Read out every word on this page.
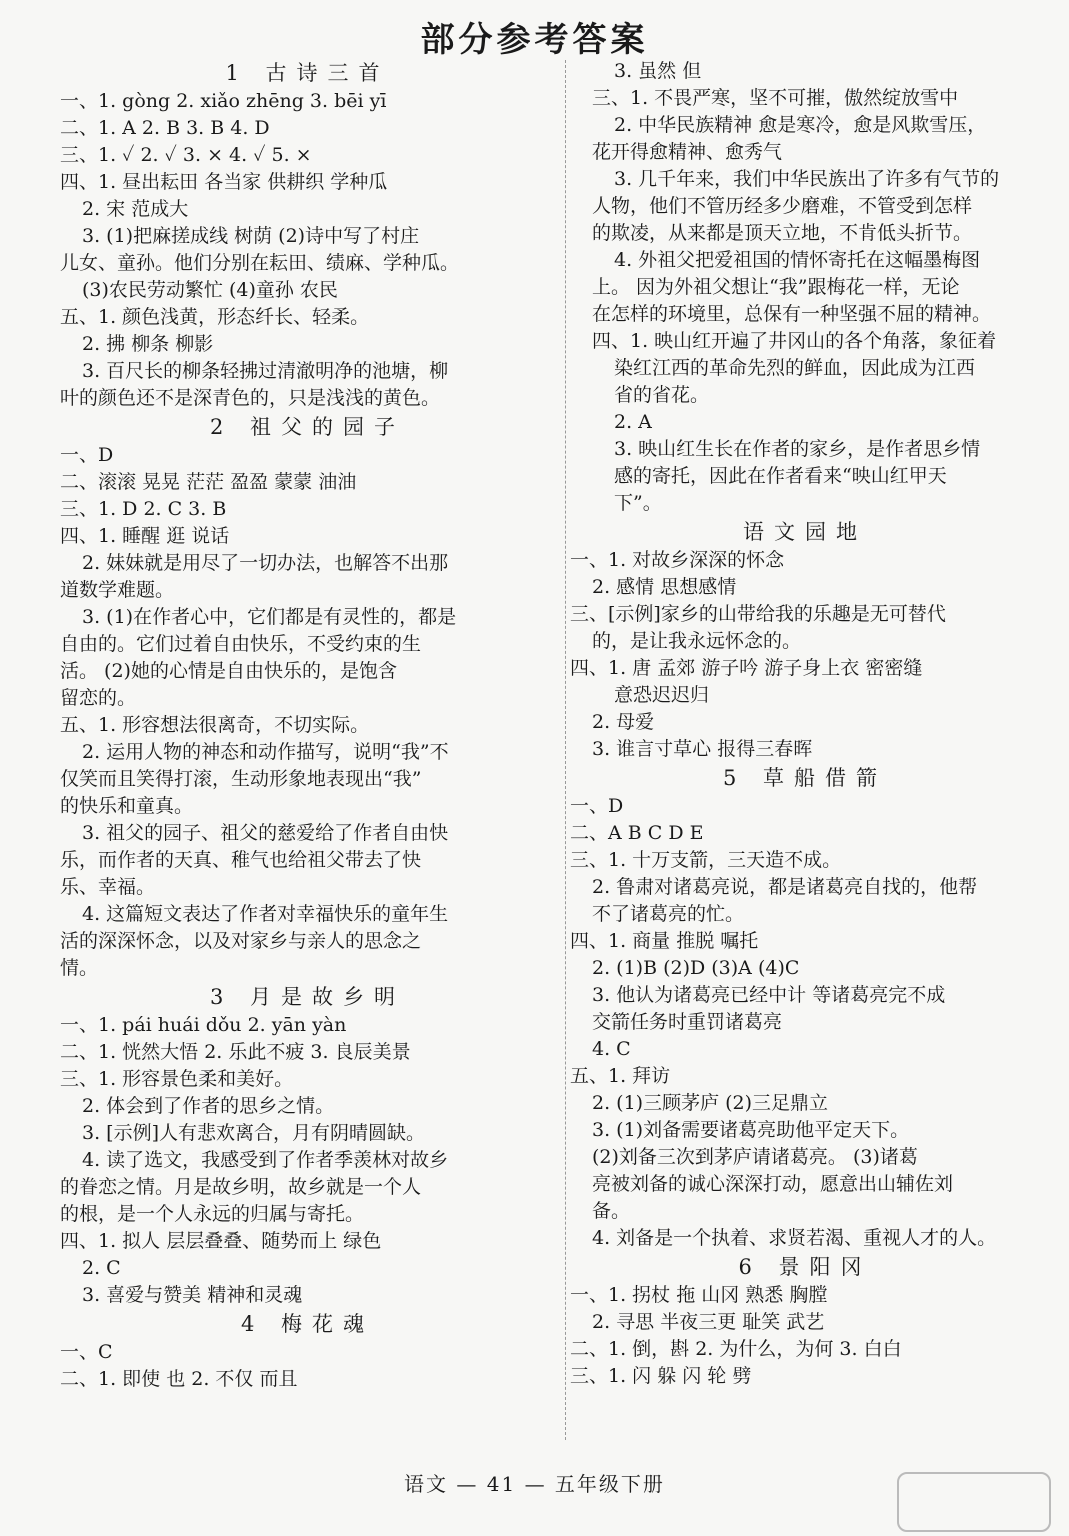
部分参考答案
1 古诗三首
一、1. gòng 2. xiǎo zhēng 3. bēi yī
二、1. A 2. B 3. B 4. D
三、1. ✓ 2. ✓ 3. × 4. ✓ 5. ×
四、1. 昼出耘田 各当家 供耕织 学种瓜
2. 宋 范成大
3. (1)把麻搓成线 树荫 (2)诗中写了村庄
儿女、童孙。他们分别在耘田、绩麻、学种瓜。
(3)农民劳动繁忙 (4)童孙 农民
五、1. 颜色浅黄，形态纤长、轻柔。
2. 拂 柳条 柳影
3. 百尺长的柳条轻拂过清澈明净的池塘，柳
叶的颜色还不是深青色的，只是浅浅的黄色。
2 祖父的园子
一、D
二、滚滚 晃晃 茫茫 盈盈 蒙蒙 油油
三、1. D 2. C 3. B
四、1. 睡醒 逛 说话
2. 妹妹就是用尽了一切办法，也解答不出那
道数学难题。
3. (1)在作者心中，它们都是有灵性的，都是
自由的。它们过着自由快乐，不受约束的生
活。 (2)她的心情是自由快乐的，是饱含
留恋的。
五、1. 形容想法很离奇，不切实际。
2. 运用人物的神态和动作描写，说明“我”不
仅笑而且笑得打滚，生动形象地表现出“我”
的快乐和童真。
3. 祖父的园子、祖父的慈爱给了作者自由快
乐，而作者的天真、稚气也给祖父带去了快
乐、幸福。
4. 这篇短文表达了作者对幸福快乐的童年生
活的深深怀念，以及对家乡与亲人的思念之
情。
3 月是故乡明
一、1. pái huái dǒu 2. yān yàn
二、1. 恍然大悟 2. 乐此不疲 3. 良辰美景
三、1. 形容景色柔和美好。
2. 体会到了作者的思乡之情。
3. [示例]人有悲欢离合，月有阴晴圆缺。
4. 读了选文，我感受到了作者季羡林对故乡
的眷恋之情。月是故乡明，故乡就是一个人
的根，是一个人永远的归属与寄托。
四、1. 拟人 层层叠叠、随势而上 绿色
2. C
3. 喜爱与赞美 精神和灵魂
4 梅花魂
一、C
二、1. 即使 也 2. 不仅 而且
3. 虽然 但
三、1. 不畏严寒，坚不可摧，傲然绽放雪中
2. 中华民族精神 愈是寒冷，愈是风欺雪压，
花开得愈精神、愈秀气
3. 几千年来，我们中华民族出了许多有气节的
人物，他们不管历经多少磨难，不管受到怎样
的欺凌，从来都是顶天立地，不肯低头折节。
4. 外祖父把爱祖国的情怀寄托在这幅墨梅图
上。 因为外祖父想让“我”跟梅花一样，无论
在怎样的环境里，总保有一种坚强不屈的精神。
四、1. 映山红开遍了井冈山的各个角落，象征着
染红江西的革命先烈的鲜血，因此成为江西
省的省花。
2. A
3. 映山红生长在作者的家乡，是作者思乡情
感的寄托，因此在作者看来“映山红甲天
下”。
语文园地
一、1. 对故乡深深的怀念
2. 感情 思想感情
三、[示例]家乡的山带给我的乐趣是无可替代
的，是让我永远怀念的。
四、1. 唐 孟郊 游子吟 游子身上衣 密密缝
意恐迟迟归
2. 母爱
3. 谁言寸草心 报得三春晖
5 草船借箭
一、D
二、A B C D E
三、1. 十万支箭，三天造不成。
2. 鲁肃对诸葛亮说，都是诸葛亮自找的，他帮
不了诸葛亮的忙。
四、1. 商量 推脱 嘱托
2. (1)B (2)D (3)A (4)C
3. 他认为诸葛亮已经中计 等诸葛亮完不成
交箭任务时重罚诸葛亮
4. C
五、1. 拜访
2. (1)三顾茅庐 (2)三足鼎立
3. (1)刘备需要诸葛亮助他平定天下。
(2)刘备三次到茅庐请诸葛亮。 (3)诸葛
亮被刘备的诚心深深打动，愿意出山辅佐刘
备。
4. 刘备是一个执着、求贤若渴、重视人才的人。
6 景阳冈
一、1. 拐杖 拖 山冈 熟悉 胸膛
2. 寻思 半夜三更 耻笑 武艺
二、1. 倒，斟 2. 为什么，为何 3. 白白
三、1. 闪 躲 闪 轮 劈
语文 — 41 — 五年级下册
